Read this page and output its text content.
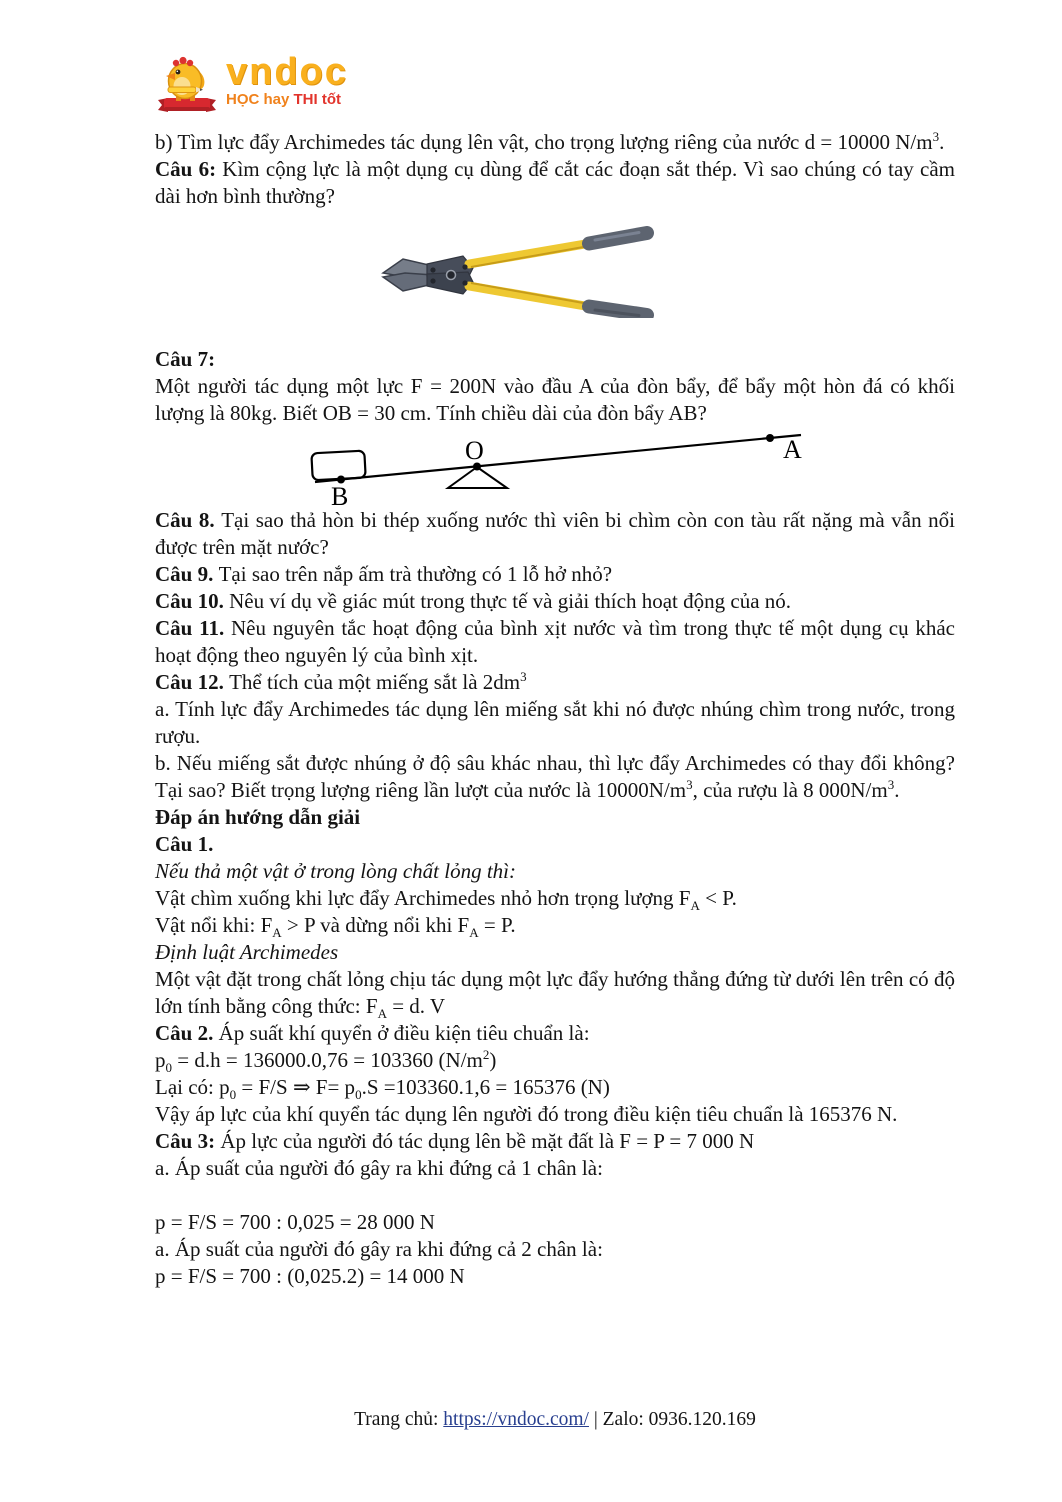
vndoc
HỌC hay THI tốt

b) Tìm lực đẩy Archimedes tác dụng lên vật, cho trọng lượng riêng của nước d = 10000 $N/m^3$.

Câu 6: Kìm cộng lực là một dụng cụ dùng để cắt các đoạn sắt thép. Vì sao chúng có tay cầm dài hơn bình thường?

Câu 7:

Một người tác dụng một lực F = 200N vào đầu A của đòn bẩy, để bẩy một hòn đá có khối lượng là 80kg. Biết OB = 30 cm. Tính chiều dài của đòn bẩy AB?

B
O	A

Câu 8. Tại sao thả hòn bi thép xuống nước thì viên bi chìm còn con tàu rất nặng mà vẫn nổi được trên mặt nước?

Câu 9. Tại sao trên nắp ấm trà thường có 1 lỗ hở nhỏ?

Câu 10. Nêu ví dụ về giác mút trong thực tế và giải thích hoạt động của nó.

Câu 11. Nêu nguyên tắc hoạt động của bình xịt nước và tìm trong thực tế một dụng cụ khác hoạt động theo nguyên lý của bình xịt.

Câu 12. Thể tích của một miếng sắt là $2dm^3$

a. Tính lực đẩy Archimedes tác dụng lên miếng sắt khi nó được nhúng chìm trong nước, trong rượu.

b. Nếu miếng sắt được nhúng ở độ sâu khác nhau, thì lực đẩy Archimedes có thay đổi không? Tại sao? Biết trọng lượng riêng lần lượt của nước là $10000N/m^3$, của rượu là 8 $000N/m^3$.

Đáp án hướng dẫn giải

Câu 1.

Nếu thả một vật ở trong lòng chất lỏng thì:

Vật chìm xuống khi lực đẩy Archimedes nhỏ hơn trọng lượng $F_A < P$.

Vật nổi khi: $F_A > P$ và dừng nổi khi $F_A = P$.

Định luật Archimedes

Một vật đặt trong chất lỏng chịu tác dụng một lực đẩy hướng thẳng đứng từ dưới lên trên có độ lớn tính bằng công thức: $F_A = d$. V

Câu 2. Áp suất khí quyển ở điều kiện tiêu chuẩn là:

$p_0 = d.h = 136000.0,76 = 103360$ $(N/m^2)$

Lại có: $p_0 = F/S$ ⇒ $F= p_0.S =103360.1,6 = 165376$ (N)

Vậy áp lực của khí quyển tác dụng lên người đó trong điều kiện tiêu chuẩn là 165376 N.

Câu 3: Áp lực của người đó tác dụng lên bề mặt đất là F = P = 7 000 N

a. Áp suất của người đó gây ra khi đứng cả 1 chân là:

p = F/S = 700 : 0,025 = 28 000 N

a. Áp suất của người đó gây ra khi đứng cả 2 chân là:

p = F/S = 700 : (0,025.2) = 14 000 N

Trang chủ: https://vndoc.com/ | Zalo: 0936.120.169
